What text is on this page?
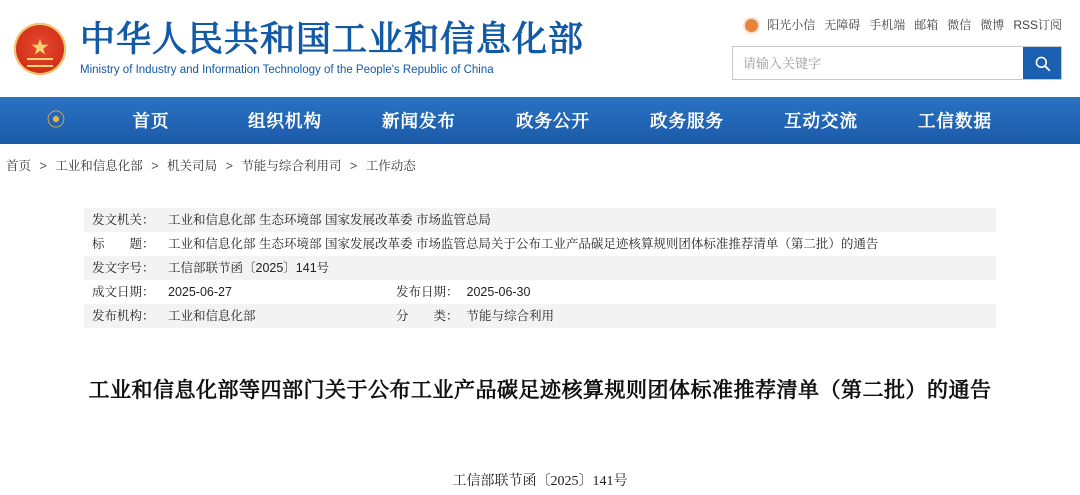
★
中华人民共和国工业和信息化部
Ministry of Industry and Information Technology of the People's Republic of China
阳光小信 无障碍 手机端 邮箱 微信 微博 RSS订阅
请输入关键字
⦿	首页	组织机构	新闻发布	政务公开	政务服务	互动交流	工信数据
首页 > 工业和信息化部 > 机关司局 > 节能与综合利用司 > 工作动态
发文机关：	工业和信息化部 生态环境部 国家发展改革委 市场监管总局		
标　　题：	工业和信息化部 生态环境部 国家发展改革委 市场监管总局关于公布工业产品碳足迹核算规则团体标准推荐清单（第二批）的通告		
发文字号：	工信部联节函〔2025〕141号		
成文日期：	2025-06-27	发布日期：	2025-06-30
发布机构：	工业和信息化部	分　　类：	节能与综合利用
工业和信息化部等四部门关于公布工业产品碳足迹核算规则团体标准推荐清单（第二批）的通告
工信部联节函〔2025〕141号
